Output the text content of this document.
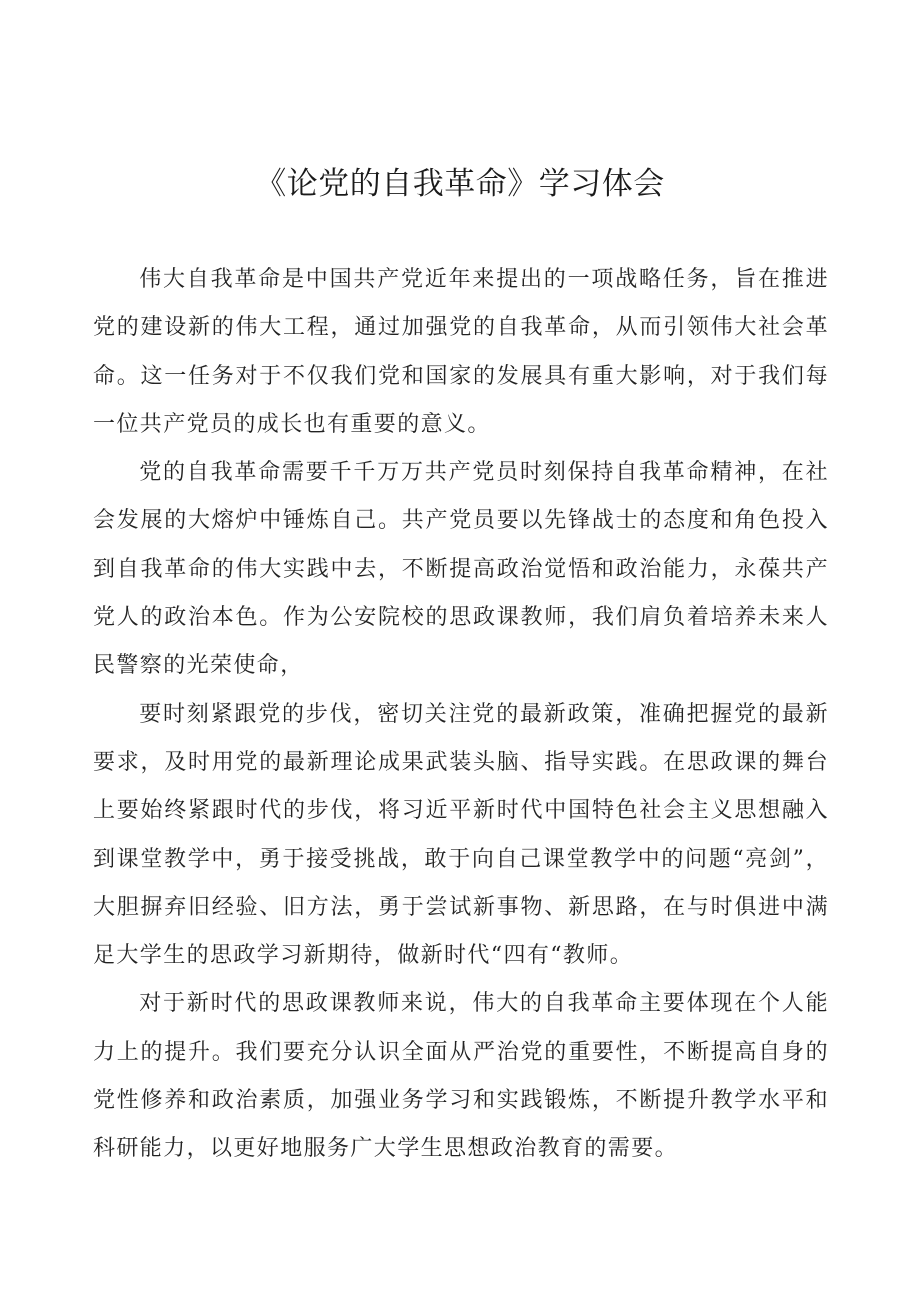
《论党的自我革命》学习体会

伟大自我革命是中国共产党近年来提出的一项战略任务，旨在推进党的建设新的伟大工程，通过加强党的自我革命，从而引领伟大社会革命。这一任务对于不仅我们党和国家的发展具有重大影响，对于我们每一位共产党员的成长也有重要的意义。

党的自我革命需要千千万万共产党员时刻保持自我革命精神，在社会发展的大熔炉中锤炼自己。共产党员要以先锋战士的态度和角色投入到自我革命的伟大实践中去，不断提高政治觉悟和政治能力，永葆共产党人的政治本色。作为公安院校的思政课教师，我们肩负着培养未来人民警察的光荣使命，

要时刻紧跟党的步伐，密切关注党的最新政策，准确把握党的最新要求，及时用党的最新理论成果武装头脑、指导实践。在思政课的舞台上要始终紧跟时代的步伐，将习近平新时代中国特色社会主义思想融入到课堂教学中，勇于接受挑战，敢于向自己课堂教学中的问题“亮剑”，大胆摒弃旧经验、旧方法，勇于尝试新事物、新思路，在与时俱进中满足大学生的思政学习新期待，做新时代“四有“教师。

对于新时代的思政课教师来说，伟大的自我革命主要体现在个人能力上的提升。我们要充分认识全面从严治党的重要性，不断提高自身的党性修养和政治素质，加强业务学习和实践锻炼，不断提升教学水平和科研能力，以更好地服务广大学生思想政治教育的需要。
